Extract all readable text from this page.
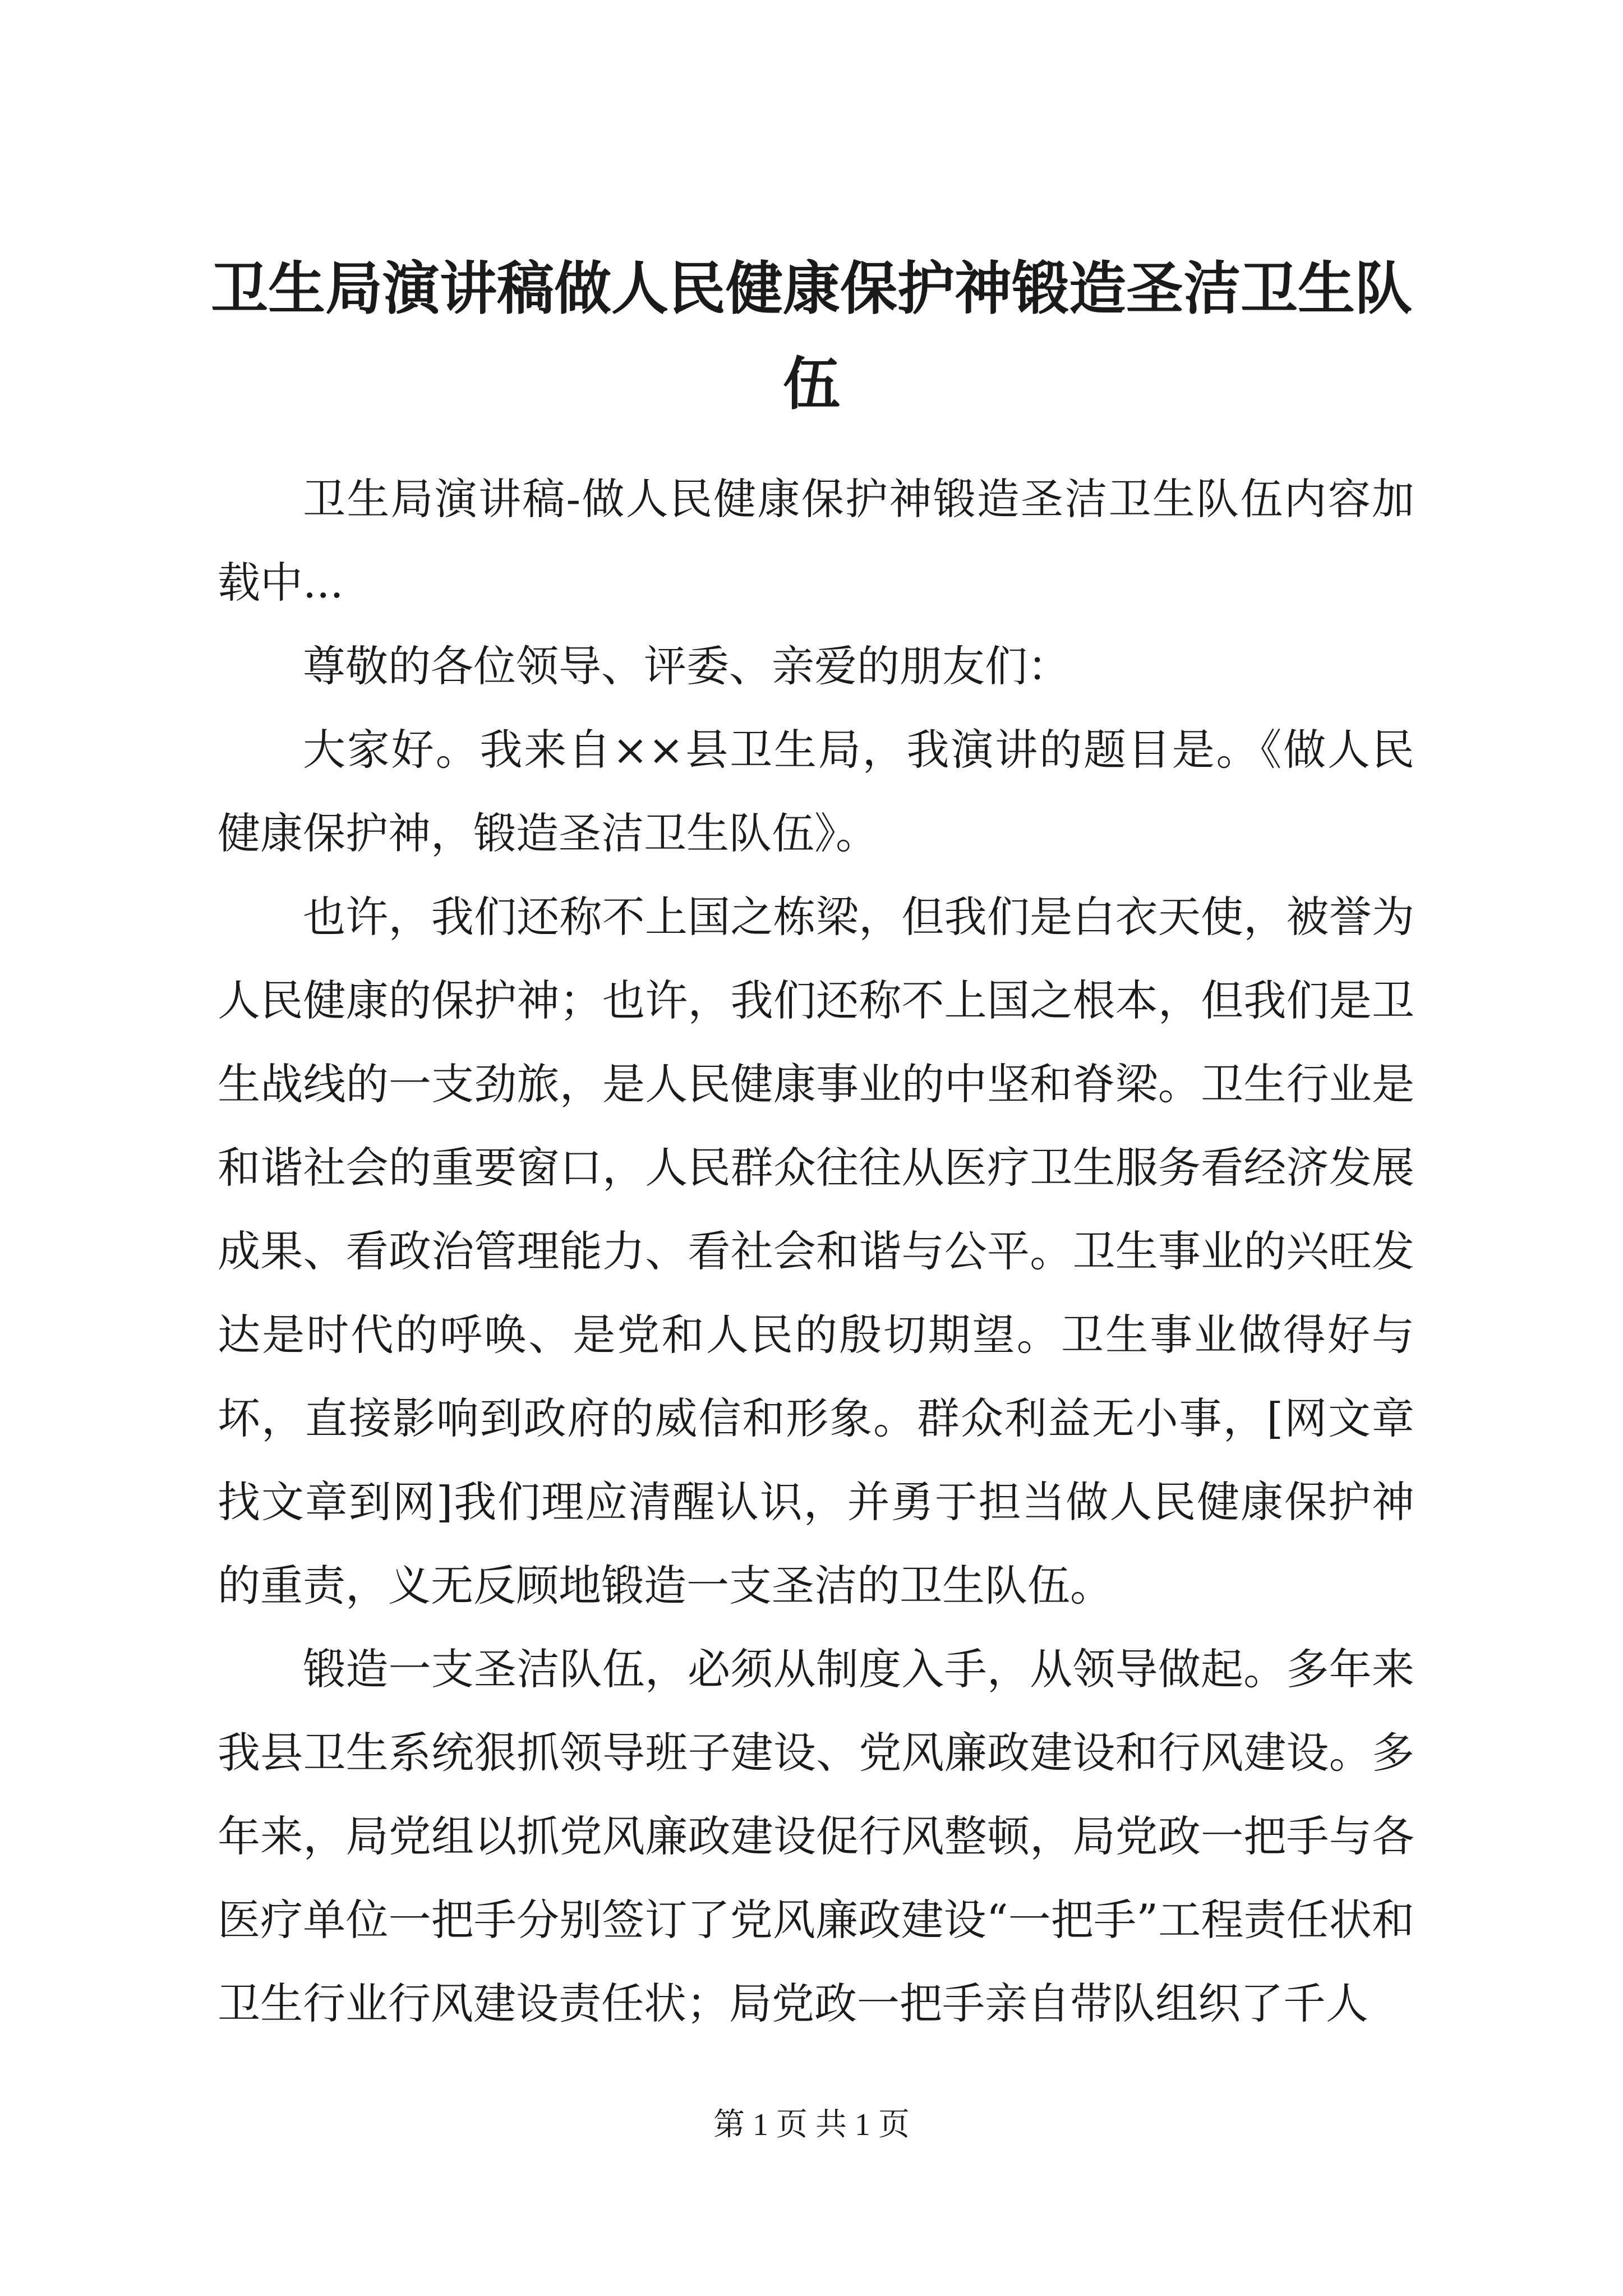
卫生局演讲稿做人民健康保护神锻造圣洁卫生队伍

卫生局演讲稿-做人民健康保护神锻造圣洁卫生队伍内容加载中...

尊敬的各位领导、评委、亲爱的朋友们：

大家好。我来自××县卫生局，我演讲的题目是。《做人民健康保护神，锻造圣洁卫生队伍》。

也许，我们还称不上国之栋梁，但我们是白衣天使，被誉为人民健康的保护神；也许，我们还称不上国之根本，但我们是卫生战线的一支劲旅，是人民健康事业的中坚和脊梁。卫生行业是和谐社会的重要窗口，人民群众往往从医疗卫生服务看经济发展成果、看政治管理能力、看社会和谐与公平。卫生事业的兴旺发达是时代的呼唤、是党和人民的殷切期望。卫生事业做得好与坏，直接影响到政府的威信和形象。群众利益无小事，[网文章找文章到网]我们理应清醒认识，并勇于担当做人民健康保护神的重责，义无反顾地锻造一支圣洁的卫生队伍。

锻造一支圣洁队伍，必须从制度入手，从领导做起。多年来我县卫生系统狠抓领导班子建设、党风廉政建设和行风建设。多年来，局党组以抓党风廉政建设促行风整顿，局党政一把手与各医疗单位一把手分别签订了党风廉政建设“一把手”工程责任状和卫生行业行风建设责任状；局党政一把手亲自带队组织了千人

第 1 页 共 1 页
